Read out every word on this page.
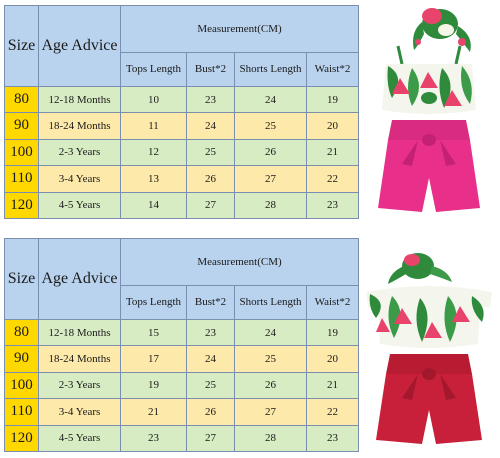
Size	Age Advice	Measurement(CM)			
		Tops Length	Bust*2	Shorts Length	Waist*2
80	12-18 Months	10	23	24	19
90	18-24 Months	11	24	25	20
100	2-3 Years	12	25	26	21
110	3-4 Years	13	26	27	22
120	4-5 Years	14	27	28	23
Size	Age Advice	Measurement(CM)			
		Tops Length	Bust*2	Shorts Length	Waist*2
80	12-18 Months	15	23	24	19
90	18-24 Months	17	24	25	20
100	2-3 Years	19	25	26	21
110	3-4 Years	21	26	27	22
120	4-5 Years	23	27	28	23
